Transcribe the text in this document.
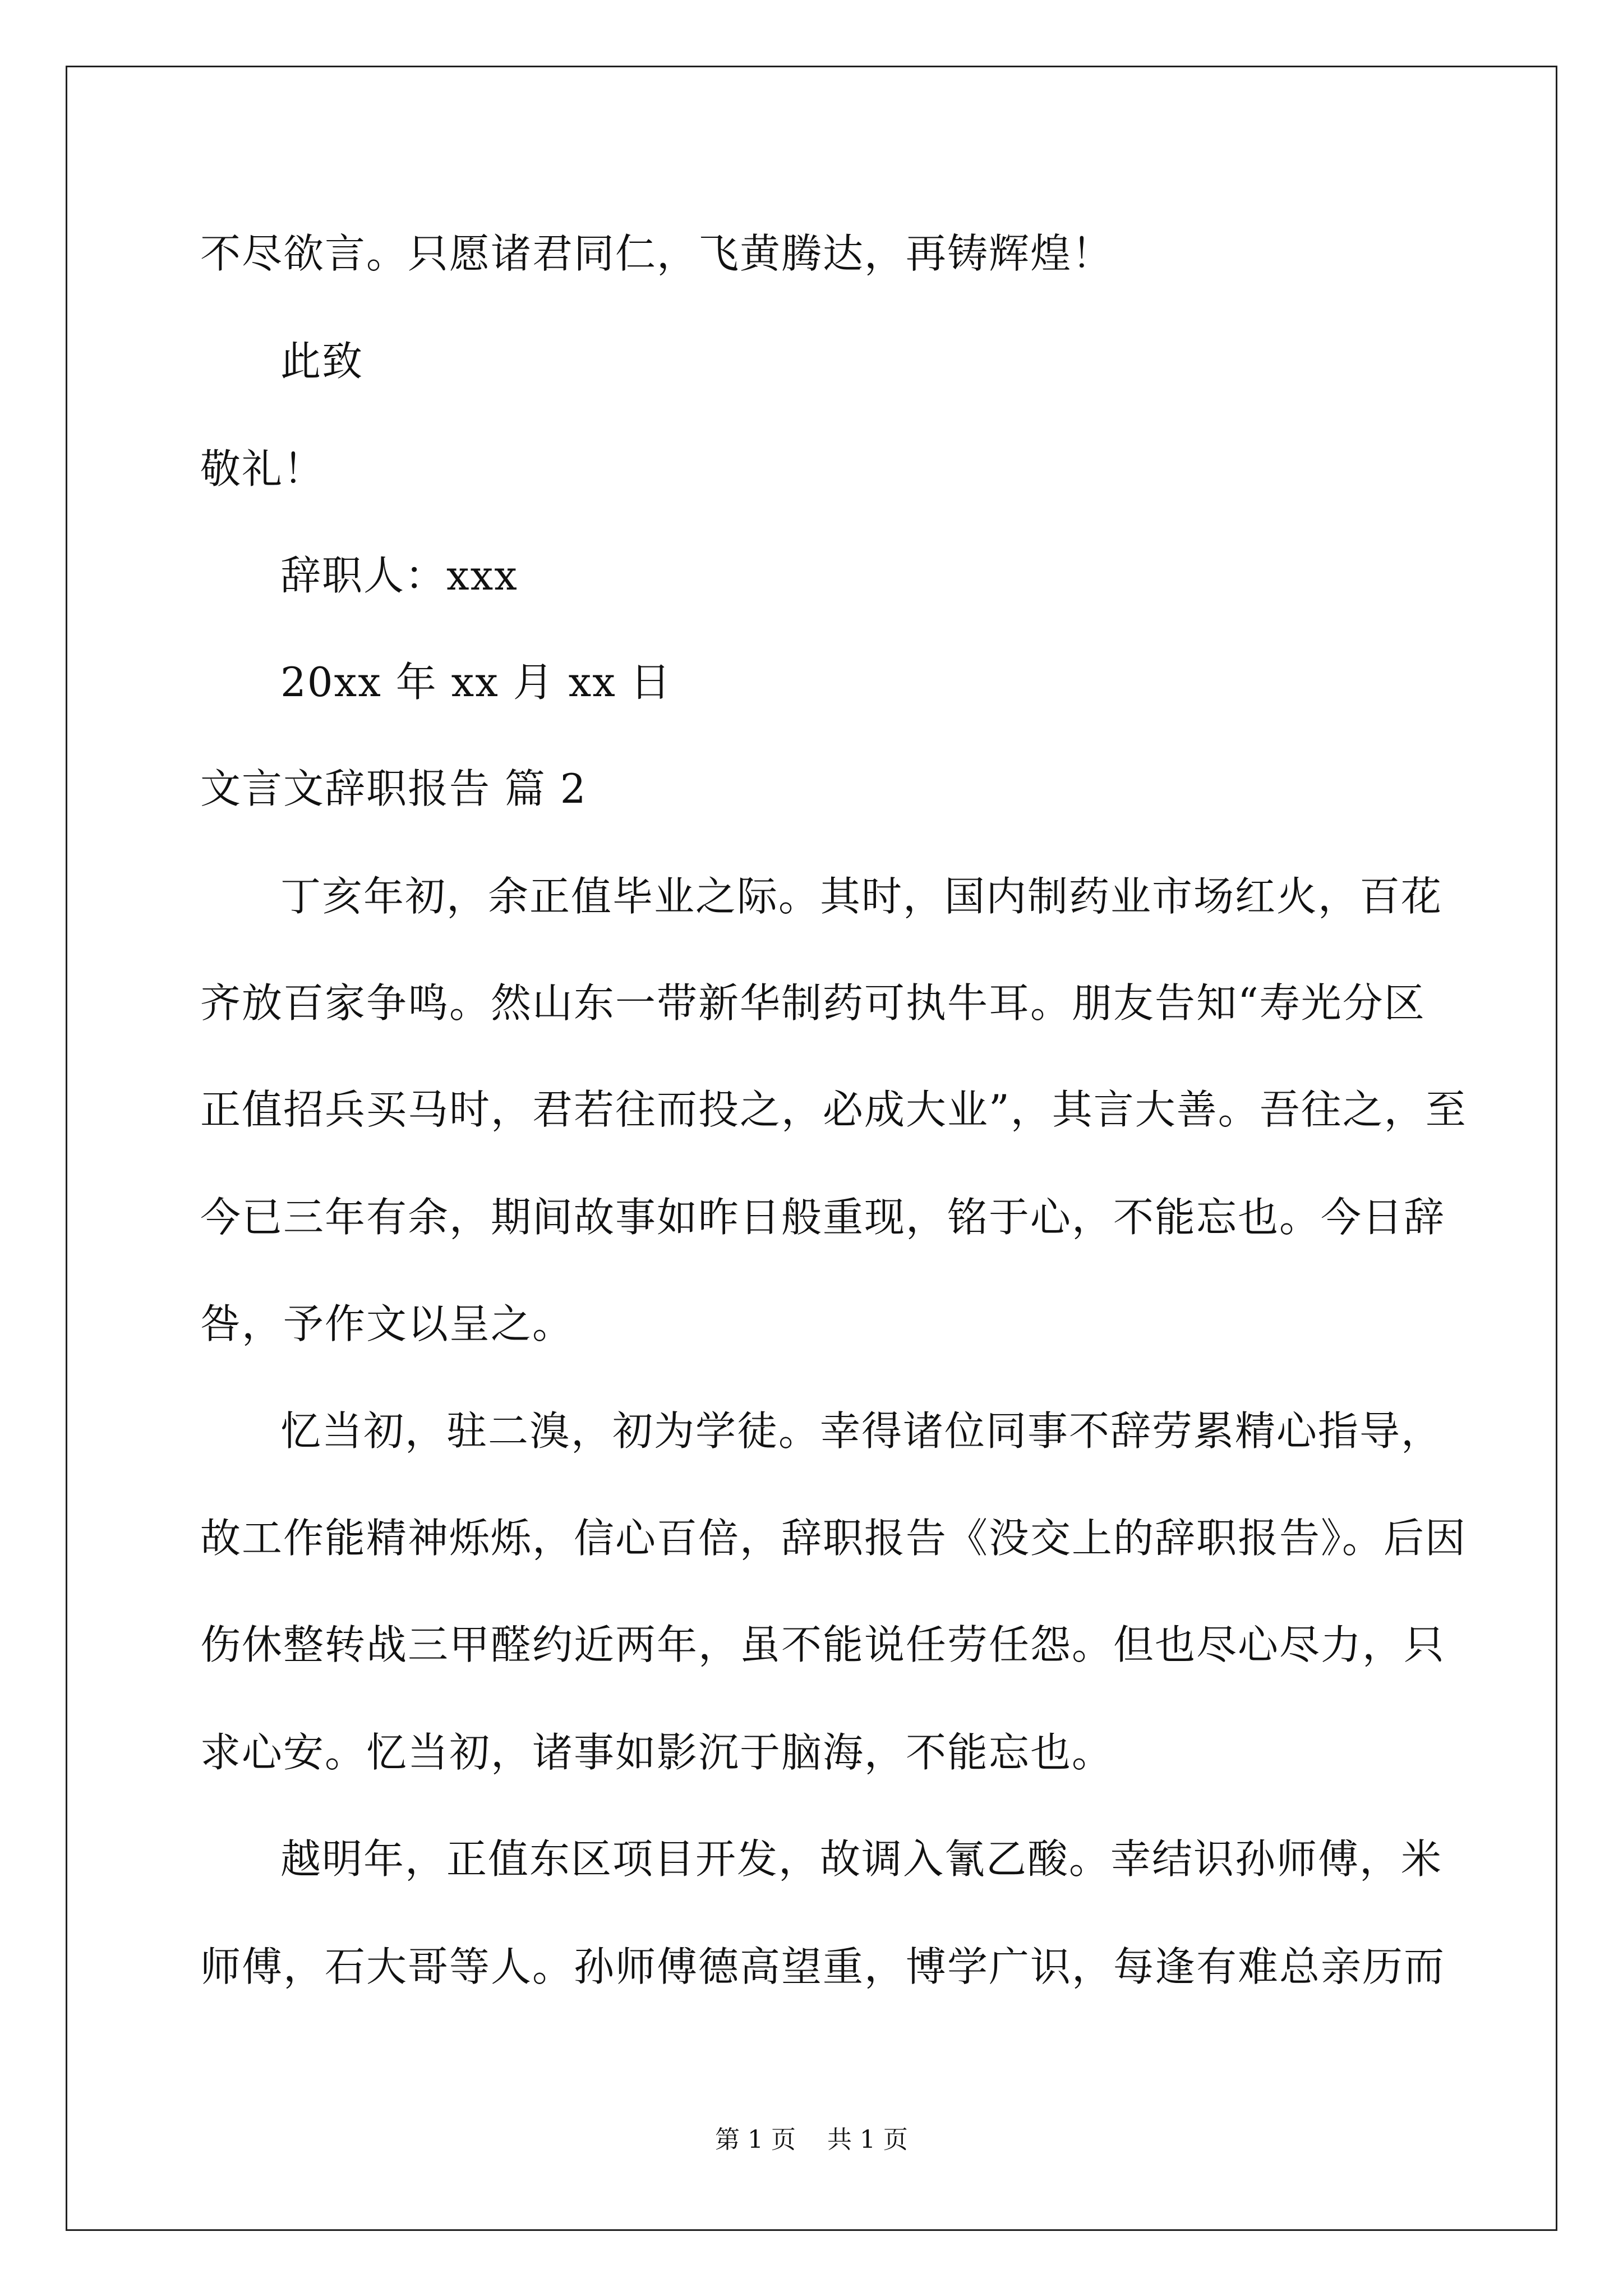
不尽欲言。只愿诸君同仁，飞黄腾达，再铸辉煌！
此致
敬礼！
辞职人：xxx
20xx 年 xx 月 xx 日
文言文辞职报告 篇 2
丁亥年初，余正值毕业之际。其时，国内制药业市场红火，百花
齐放百家争鸣。然山东一带新华制药可执牛耳。朋友告知“寿光分区
正值招兵买马时，君若往而投之，必成大业”，其言大善。吾往之，至
今已三年有余，期间故事如昨日般重现，铭于心，不能忘也。今日辞
咎，予作文以呈之。
忆当初，驻二溴，初为学徒。幸得诸位同事不辞劳累精心指导，
故工作能精神烁烁，信心百倍，辞职报告《没交上的辞职报告》。后因
伤休整转战三甲醛约近两年，虽不能说任劳任怨。但也尽心尽力，只
求心安。忆当初，诸事如影沉于脑海，不能忘也。
越明年，正值东区项目开发，故调入氰乙酸。幸结识孙师傅，米
师傅，石大哥等人。孙师傅德高望重，博学广识，每逢有难总亲历而
第 1 页    共 1 页
